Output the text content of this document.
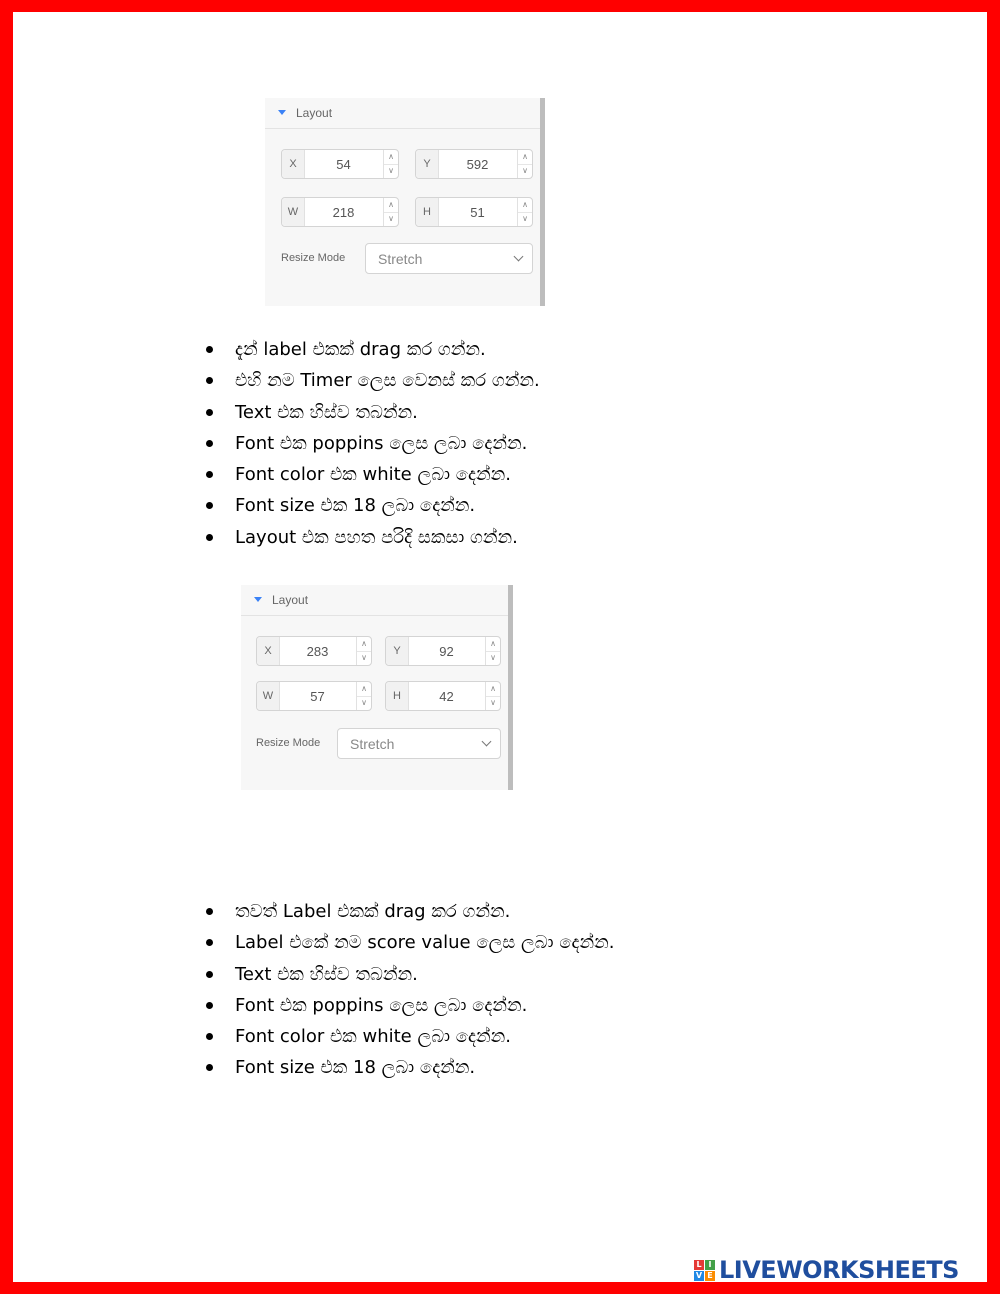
Layout
X	54
∧
∨
Y	592
∧
∨
W	218
∧
∨
H	51
∧
∨
Resize Mode Stretch
දැන් label එකක් drag කර ගන්න.
එහි නම Timer ලෙස වෙනස් කර ගන්න.
Text එක හිස්ව තබන්න.
Font එක poppins ලෙස ලබා දෙන්න.
Font color එක white ලබා දෙන්න.
Font size එක 18 ලබා දෙන්න.
Layout එක පහත පරිදි සකසා ගන්න.
Layout
X	283
∧
∨
Y	92
∧
∨
W	57
∧
∨
H	42
∧
∨
Resize Mode Stretch
තවත් Label එකක් drag කර ගන්න.
Label එකේ නම score value ලෙස ලබා දෙන්න.
Text එක හිස්ව තබන්න.
Font එක poppins ලෙස ලබා දෙන්න.
Font color එක white ලබා දෙන්න.
Font size එක 18 ලබා දෙන්න.
L I
V E LIVEWORKSHEETS
